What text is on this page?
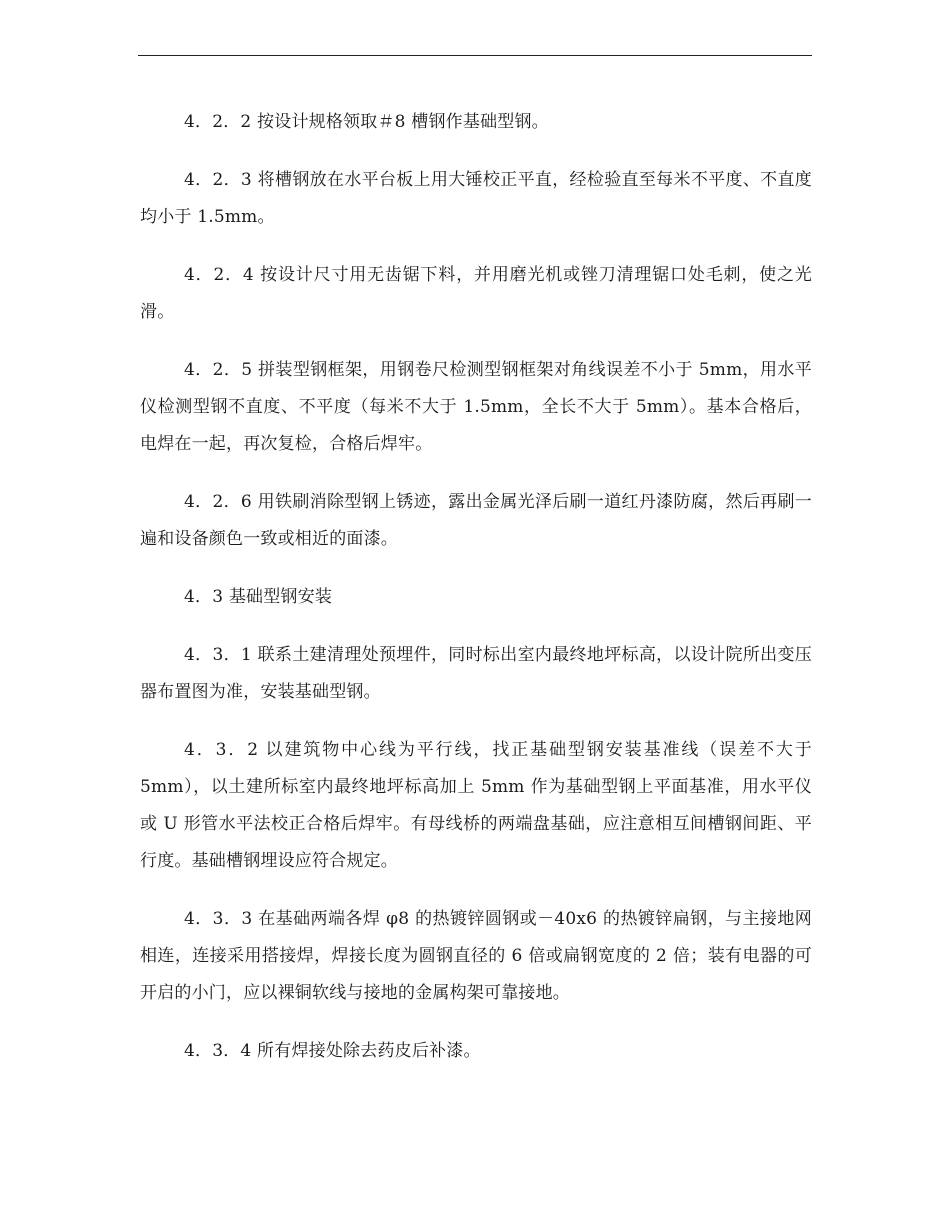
4．2．2 按设计规格领取＃8 槽钢作基础型钢。

4．2．3 将槽钢放在水平台板上用大锤校正平直，经检验直至每米不平度、不直度均小于 1.5mm。

4．2．4 按设计尺寸用无齿锯下料，并用磨光机或锉刀清理锯口处毛刺，使之光滑。

4．2．5 拼装型钢框架，用钢卷尺检测型钢框架对角线误差不小于 5mm，用水平仪检测型钢不直度、不平度（每米不大于 1.5mm，全长不大于 5mm）。基本合格后，电焊在一起，再次复检，合格后焊牢。

4．2．6 用铁刷消除型钢上锈迹，露出金属光泽后刷一道红丹漆防腐，然后再刷一遍和设备颜色一致或相近的面漆。

4．3 基础型钢安装

4．3．1 联系土建清理处预埋件，同时标出室内最终地坪标高，以设计院所出变压器布置图为准，安装基础型钢。

4．3．2 以建筑物中心线为平行线，找正基础型钢安装基准线（误差不大于 5mm），以土建所标室内最终地坪标高加上 5mm 作为基础型钢上平面基准，用水平仪或 U 形管水平法校正合格后焊牢。有母线桥的两端盘基础，应注意相互间槽钢间距、平行度。基础槽钢埋设应符合规定。

4．3．3 在基础两端各焊 φ8 的热镀锌圆钢或－40x6 的热镀锌扁钢，与主接地网相连，连接采用搭接焊，焊接长度为圆钢直径的 6 倍或扁钢宽度的 2 倍；装有电器的可开启的小门，应以裸铜软线与接地的金属构架可靠接地。

4．3．4 所有焊接处除去药皮后补漆。
